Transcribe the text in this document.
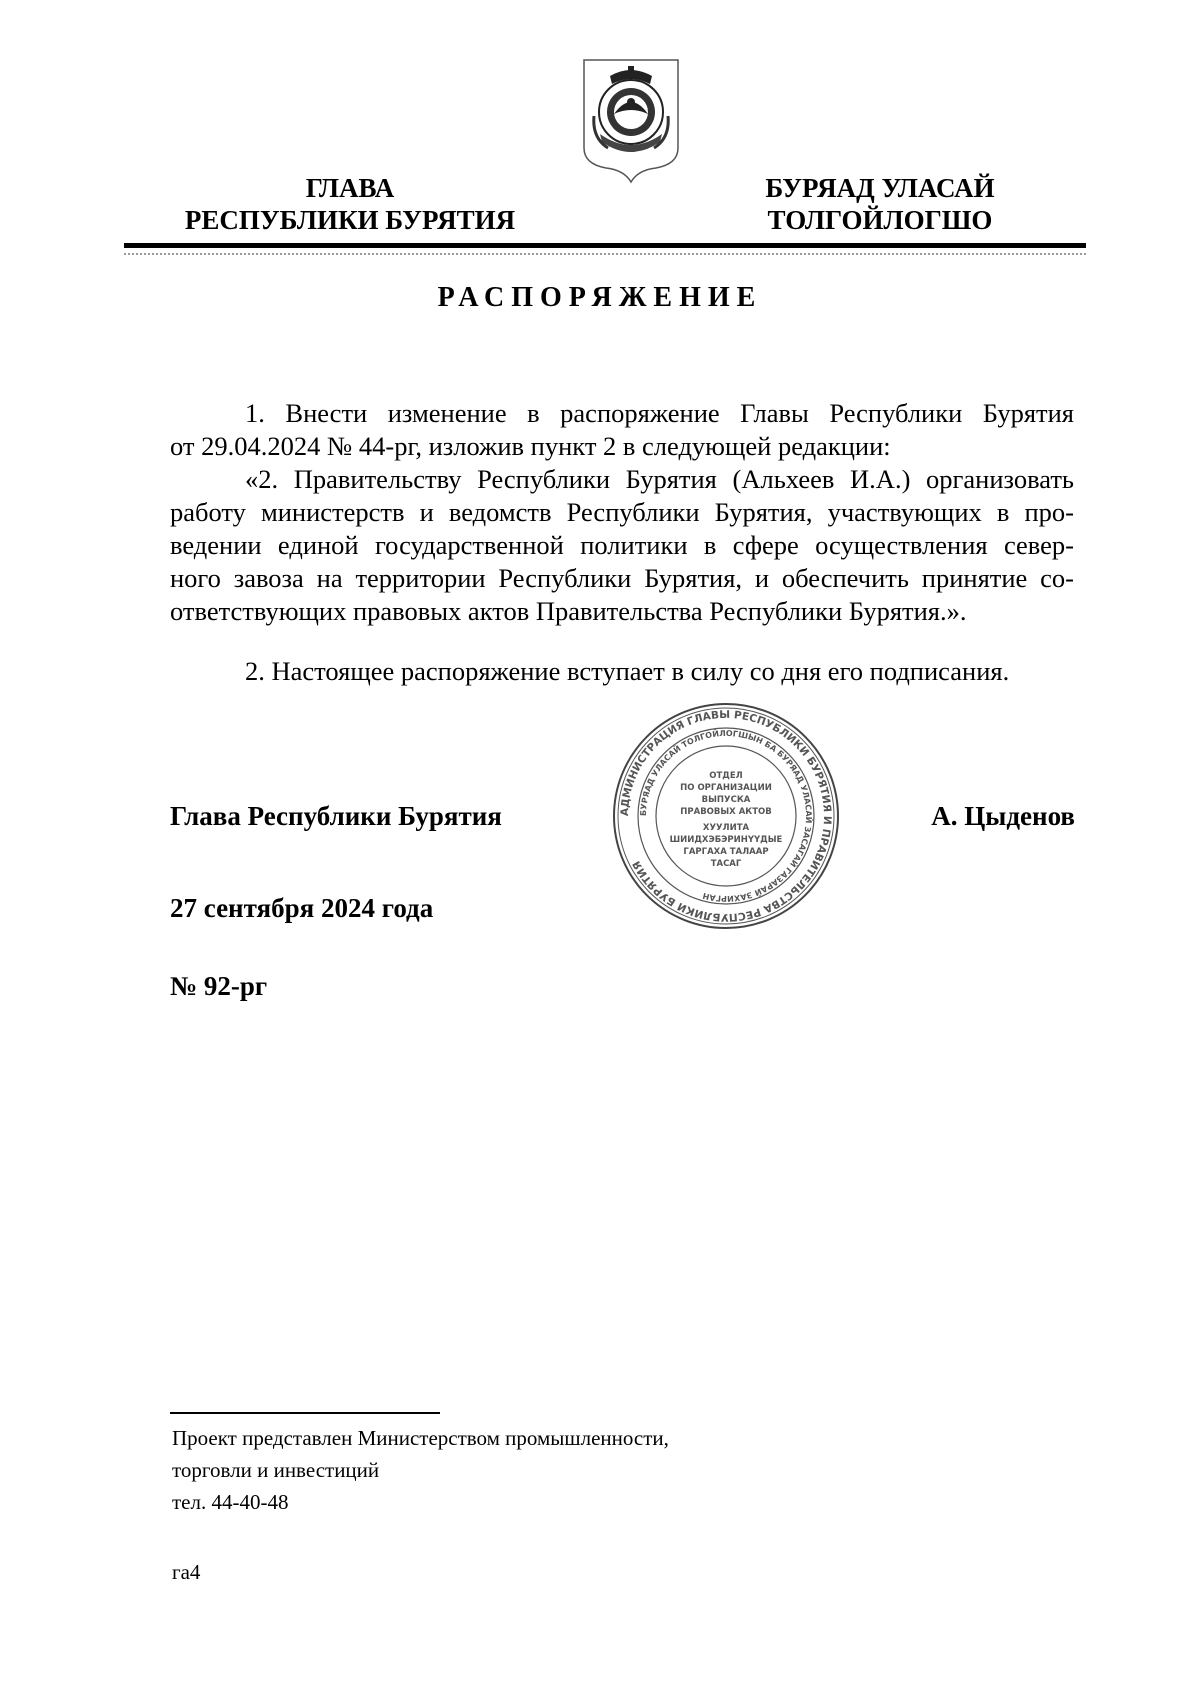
ГЛАВА
РЕСПУБЛИКИ БУРЯТИЯ
БУРЯАД УЛАСАЙ
ТОЛГОЙЛОГШО
РАСПОРЯЖЕНИЕ
1. Внести изменение в распоряжение Главы Республики Бурятия
от 29.04.2024 № 44-рг, изложив пункт 2 в следующей редакции:
«2. Правительству Республики Бурятия (Альхеев И.А.) организовать
работу министерств и ведомств Республики Бурятия, участвующих в про-
ведении единой государственной политики в сфере осуществления север-
ного завоза на территории Республики Бурятия, и обеспечить принятие со-
ответствующих правовых актов Правительства Республики Бурятия.».
2. Настоящее распоряжение вступает в силу со дня его подписания.
АДМИНИСТРАЦИЯ ГЛАВЫ РЕСПУБЛИКИ БУРЯТИЯ И ПРАВИТЕЛЬСТВА РЕСПУБЛИКИ БУРЯТИЯ
БУРЯАД УЛАСАЙ ТОЛГОЙЛОГШЫН БА БУРЯАД УЛАСАЙ ЗАСАГАЙ ГАЗАРАЙ ЗАХИРГАН
ОТДЕЛ
ПО ОРГАНИЗАЦИИ
ВЫПУСКА
ПРАВОВЫХ АКТОВ
ХУУЛИТА
ШИИДХЭБЭРИНҮҮДЫЕ
ГАРГАХА ТАЛААР
ТАСАГ
Глава Республики Бурятия	А. Цыденов
27 сентября 2024 года
№ 92-рг
Проект представлен Министерством промышленности,
торговли и инвестиций
тел. 44-40-48
га4
